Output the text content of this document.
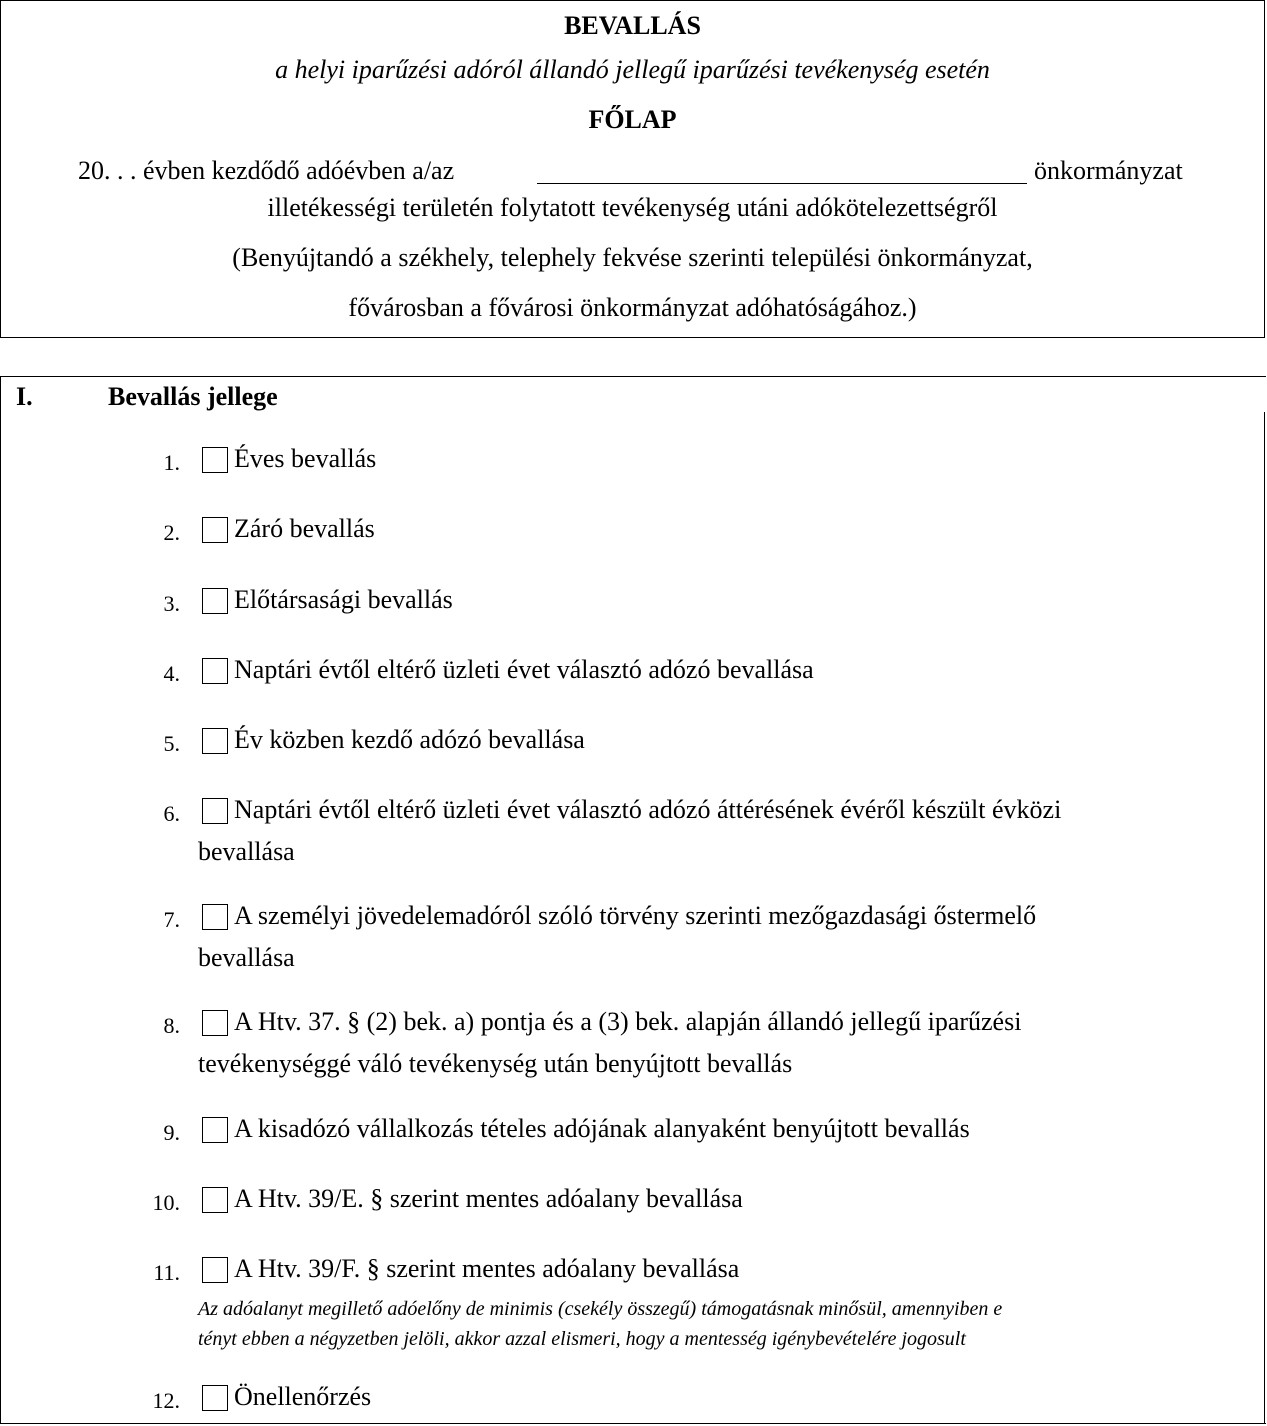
BEVALLÁS
a helyi iparűzési adóról állandó jellegű iparűzési tevékenység esetén
FŐLAP
20. . . évben kezdődő adóévben a/az	önkormányzat
illetékességi területén folytatott tevékenység utáni adókötelezettségről
(Benyújtandó a székhely, telephely fekvése szerinti települési önkormányzat,
fővárosban a fővárosi önkormányzat adóhatóságához.)
I.	Bevallás jellege
1. Éves bevallás
2. Záró bevallás
3. Előtársasági bevallás
4. Naptári évtől eltérő üzleti évet választó adózó bevallása
5. Év közben kezdő adózó bevallása
6. Naptári évtől eltérő üzleti évet választó adózó áttérésének évéről készült évközi
bevallása
7. A személyi jövedelemadóról szóló törvény szerinti mezőgazdasági őstermelő
bevallása
8. A Htv. 37. § (2) bek. a) pontja és a (3) bek. alapján állandó jellegű iparűzési
tevékenységgé váló tevékenység után benyújtott bevallás
9. A kisadózó vállalkozás tételes adójának alanyaként benyújtott bevallás
10. A Htv. 39/E. § szerint mentes adóalany bevallása
11. A Htv. 39/F. § szerint mentes adóalany bevallása
Az adóalanyt megillető adóelőny de minimis (csekély összegű) támogatásnak minősül, amennyiben e
tényt ebben a négyzetben jelöli, akkor azzal elismeri, hogy a mentesség igénybevételére jogosult
12. Önellenőrzés
